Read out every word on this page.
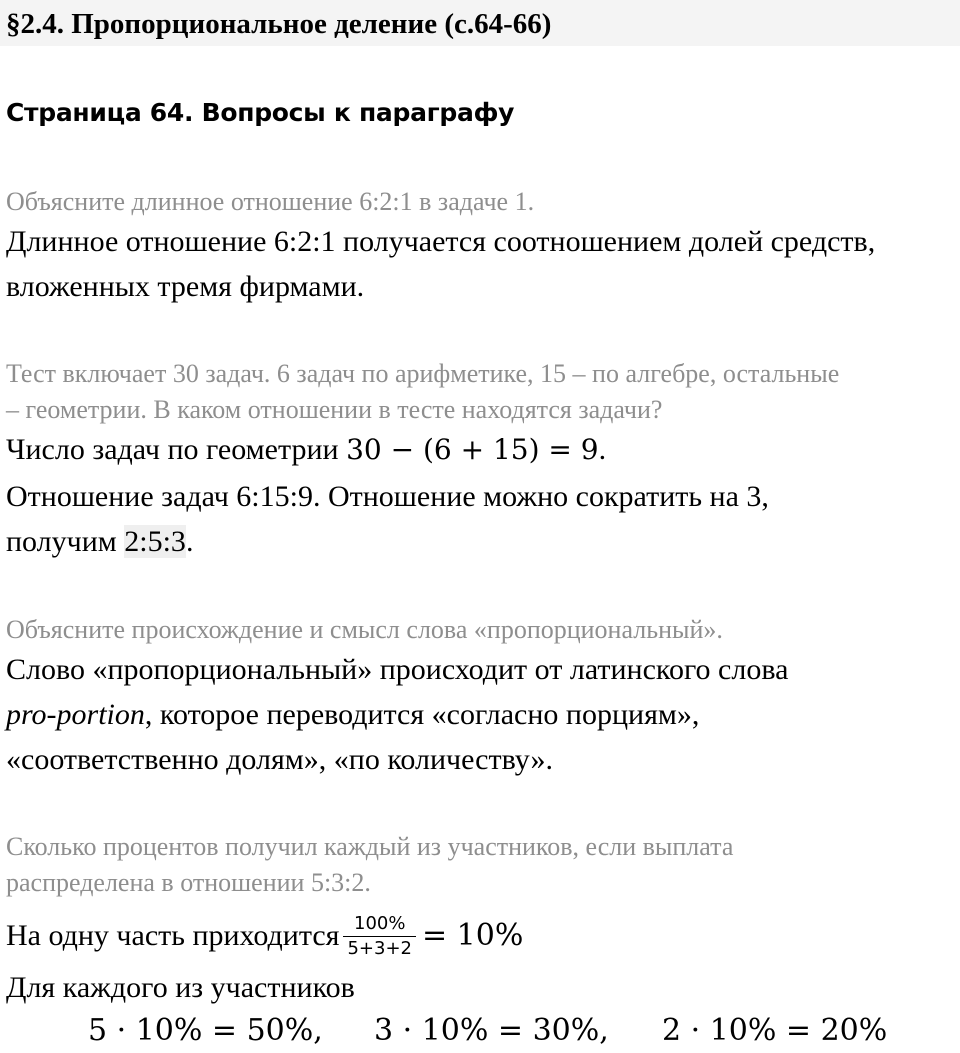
§2.4. Пропорциональное деление (с.64-66)
Страница 64. Вопросы к параграфу
Объясните длинное отношение 6:2:1 в задаче 1.
Длинное отношение 6:2:1 получается соотношением долей средств,
вложенных тремя фирмами.
Тест включает 30 задач. 6 задач по арифметике, 15 – по алгебре, остальные
– геометрии. В каком отношении в тесте находятся задачи?
Число задач по геометрии 30 − (6 + 15) = 9.
Отношение задач 6:15:9. Отношение можно сократить на 3,
получим 2:5:3.
Объясните происхождение и смысл слова «пропорциональный».
Слово «пропорциональный» происходит от латинского слова
pro-portion, которое переводится «согласно порциям»,
«соответственно долям», «по количеству».
Сколько процентов получил каждый из участников, если выплата
распределена в отношении 5:3:2.
На одну часть приходится $\frac{100\%}{5+3+2} = 10\%$
Для каждого из участников
5 · 10% = 50%, 3 · 10% = 30%, 2 · 10% = 20%
